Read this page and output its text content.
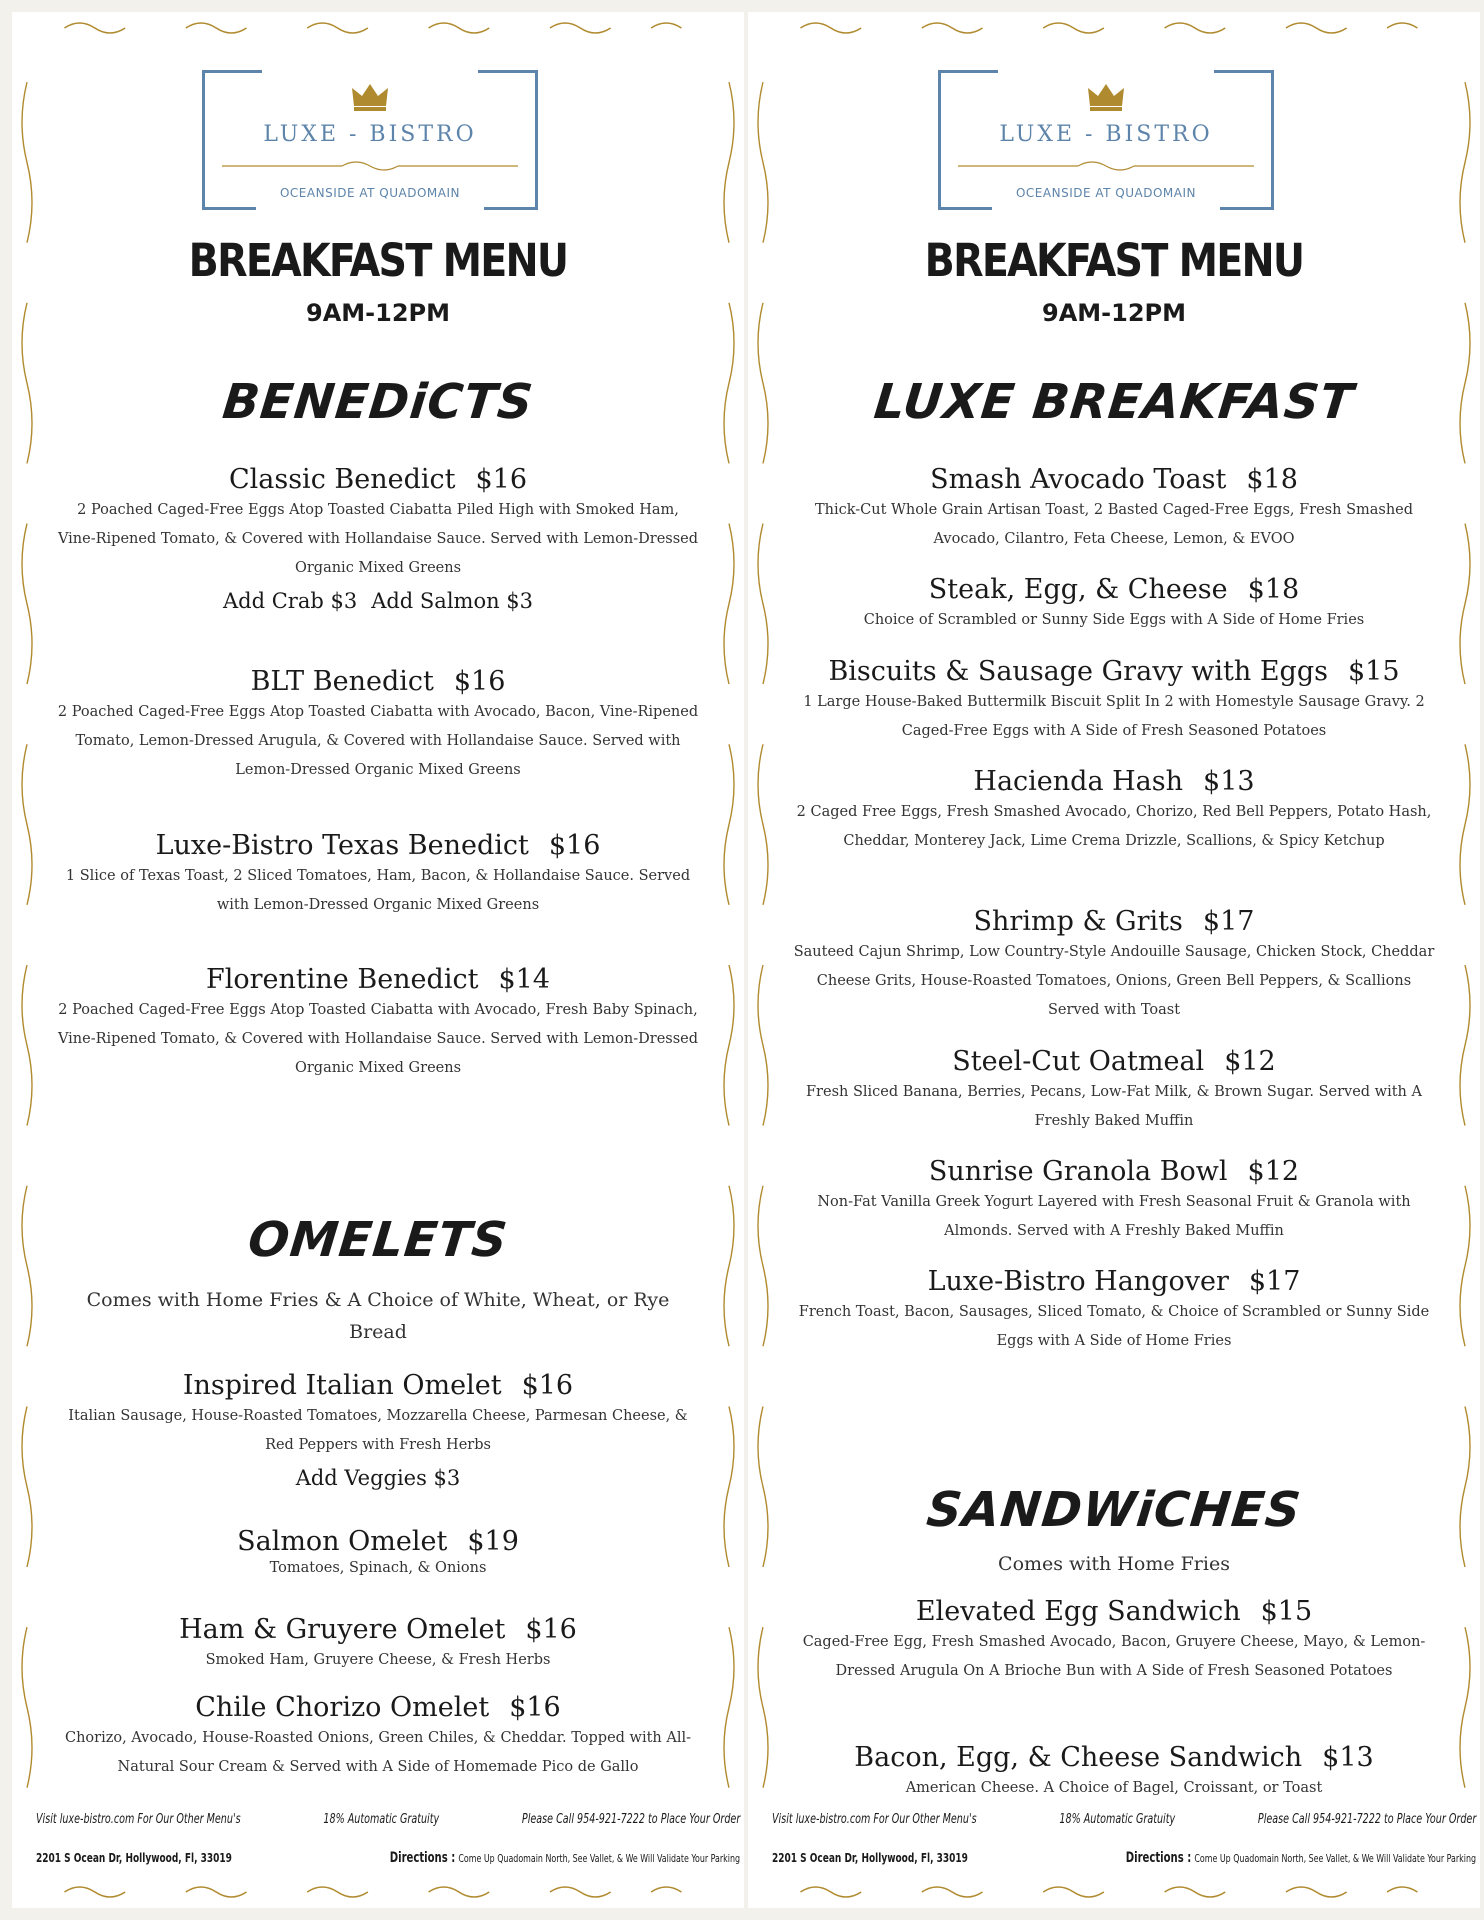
LUXE - BISTRO
OCEANSIDE AT QUADOMAIN
BREAKFAST MENU
9AM-12PM
BENEDiCTS
Classic Benedict $16
2 Poached Caged-Free Eggs Atop Toasted Ciabatta Piled High with Smoked Ham, Vine-Ripened Tomato, & Covered with Hollandaise Sauce. Served with Lemon-Dressed Organic Mixed Greens
Add Crab $3 Add Salmon $3
BLT Benedict $16
2 Poached Caged-Free Eggs Atop Toasted Ciabatta with Avocado, Bacon, Vine-Ripened Tomato, Lemon-Dressed Arugula, & Covered with Hollandaise Sauce. Served with Lemon-Dressed Organic Mixed Greens
Luxe-Bistro Texas Benedict $16
1 Slice of Texas Toast, 2 Sliced Tomatoes, Ham, Bacon, & Hollandaise Sauce. Served with Lemon-Dressed Organic Mixed Greens
Florentine Benedict $14
2 Poached Caged-Free Eggs Atop Toasted Ciabatta with Avocado, Fresh Baby Spinach, Vine-Ripened Tomato, & Covered with Hollandaise Sauce. Served with Lemon-Dressed Organic Mixed Greens
OMELETS
Comes with Home Fries & A Choice of White, Wheat, or Rye Bread
Inspired Italian Omelet $16
Italian Sausage, House-Roasted Tomatoes, Mozzarella Cheese, Parmesan Cheese, & Red Peppers with Fresh Herbs
Add Veggies $3
Salmon Omelet $19
Tomatoes, Spinach, & Onions
Ham & Gruyere Omelet $16
Smoked Ham, Gruyere Cheese, & Fresh Herbs
Chile Chorizo Omelet $16
Chorizo, Avocado, House-Roasted Onions, Green Chiles, & Cheddar. Topped with All-Natural Sour Cream & Served with A Side of Homemade Pico de Gallo
Visit luxe-bistro.com For Our Other Menu's	18% Automatic Gratuity	Please Call 954-921-7222 to Place Your Order
2201 S Ocean Dr, Hollywood, Fl, 33019	Directions : Come Up Quadomain North, See Vallet, & We Will Validate Your Parking
LUXE - BISTRO
OCEANSIDE AT QUADOMAIN
BREAKFAST MENU
9AM-12PM
LUXE BREAKFAST
Smash Avocado Toast $18
Thick-Cut Whole Grain Artisan Toast, 2 Basted Caged-Free Eggs, Fresh Smashed Avocado, Cilantro, Feta Cheese, Lemon, & EVOO
Steak, Egg, & Cheese $18
Choice of Scrambled or Sunny Side Eggs with A Side of Home Fries
Biscuits & Sausage Gravy with Eggs $15
1 Large House-Baked Buttermilk Biscuit Split In 2 with Homestyle Sausage Gravy. 2 Caged-Free Eggs with A Side of Fresh Seasoned Potatoes
Hacienda Hash $13
2 Caged Free Eggs, Fresh Smashed Avocado, Chorizo, Red Bell Peppers, Potato Hash, Cheddar, Monterey Jack, Lime Crema Drizzle, Scallions, & Spicy Ketchup
Shrimp & Grits $17
Sauteed Cajun Shrimp, Low Country-Style Andouille Sausage, Chicken Stock, Cheddar Cheese Grits, House-Roasted Tomatoes, Onions, Green Bell Peppers, & Scallions Served with Toast
Steel-Cut Oatmeal $12
Fresh Sliced Banana, Berries, Pecans, Low-Fat Milk, & Brown Sugar. Served with A Freshly Baked Muffin
Sunrise Granola Bowl $12
Non-Fat Vanilla Greek Yogurt Layered with Fresh Seasonal Fruit & Granola with Almonds. Served with A Freshly Baked Muffin
Luxe-Bistro Hangover $17
French Toast, Bacon, Sausages, Sliced Tomato, & Choice of Scrambled or Sunny Side Eggs with A Side of Home Fries
SANDWiCHES
Comes with Home Fries
Elevated Egg Sandwich $15
Caged-Free Egg, Fresh Smashed Avocado, Bacon, Gruyere Cheese, Mayo, & Lemon-Dressed Arugula On A Brioche Bun with A Side of Fresh Seasoned Potatoes
Bacon, Egg, & Cheese Sandwich $13
American Cheese. A Choice of Bagel, Croissant, or Toast
Visit luxe-bistro.com For Our Other Menu's	18% Automatic Gratuity	Please Call 954-921-7222 to Place Your Order
2201 S Ocean Dr, Hollywood, Fl, 33019	Directions : Come Up Quadomain North, See Vallet, & We Will Validate Your Parking
